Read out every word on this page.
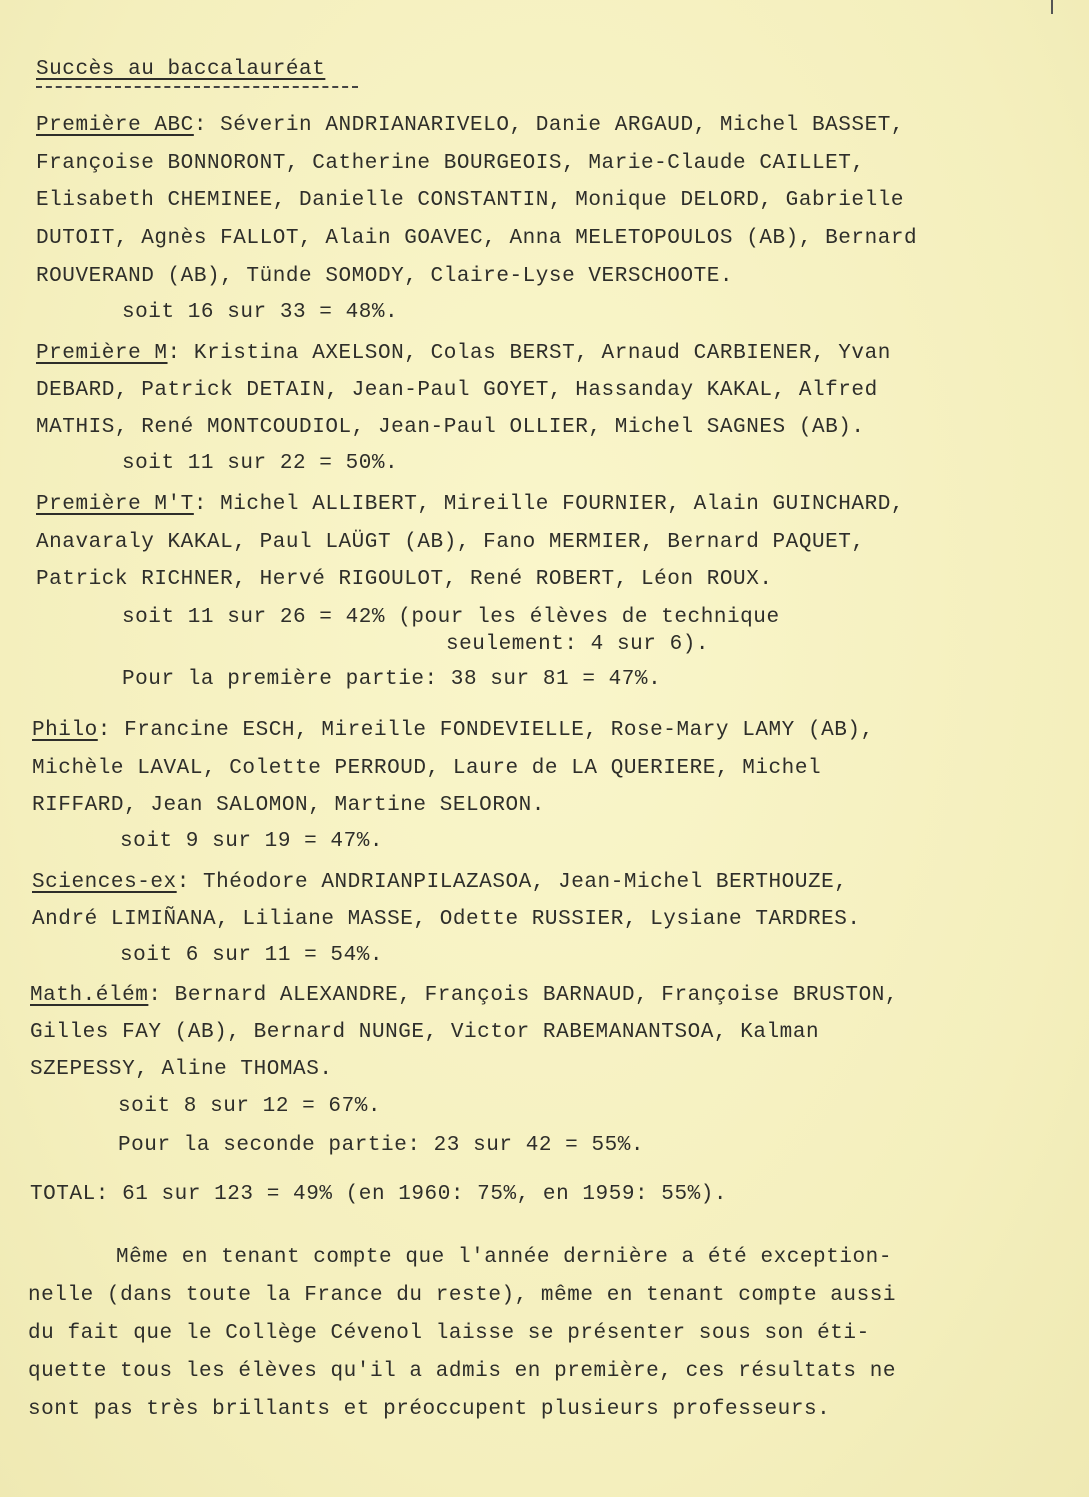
Succès au baccalauréat
Première ABC: Séverin ANDRIANARIVELO, Danie ARGAUD, Michel BASSET,
Françoise BONNORONT, Catherine BOURGEOIS, Marie-Claude CAILLET,
Elisabeth CHEMINEE, Danielle CONSTANTIN, Monique DELORD, Gabrielle
DUTOIT, Agnès FALLOT, Alain GOAVEC, Anna MELETOPOULOS (AB), Bernard
ROUVERAND (AB), Tünde SOMODY, Claire-Lyse VERSCHOOTE.
soit 16 sur 33 = 48%.
Première M: Kristina AXELSON, Colas BERST, Arnaud CARBIENER, Yvan
DEBARD, Patrick DETAIN, Jean-Paul GOYET, Hassanday KAKAL, Alfred
MATHIS, René MONTCOUDIOL, Jean-Paul OLLIER, Michel SAGNES (AB).
soit 11 sur 22 = 50%.
Première M'T: Michel ALLIBERT, Mireille FOURNIER, Alain GUINCHARD,
Anavaraly KAKAL, Paul LAÜGT (AB), Fano MERMIER, Bernard PAQUET,
Patrick RICHNER, Hervé RIGOULOT, René ROBERT, Léon ROUX.
soit 11 sur 26 = 42% (pour les élèves de technique
seulement: 4 sur 6).
Pour la première partie: 38 sur 81 = 47%.
Philo: Francine ESCH, Mireille FONDEVIELLE, Rose-Mary LAMY (AB),
Michèle LAVAL, Colette PERROUD, Laure de LA QUERIERE, Michel
RIFFARD, Jean SALOMON, Martine SELORON.
soit 9 sur 19 = 47%.
Sciences-ex: Théodore ANDRIANPILAZASOA, Jean-Michel BERTHOUZE,
André LIMIÑANA, Liliane MASSE, Odette RUSSIER, Lysiane TARDRES.
soit 6 sur 11 = 54%.
Math.élém: Bernard ALEXANDRE, François BARNAUD, Françoise BRUSTON,
Gilles FAY (AB), Bernard NUNGE, Victor RABEMANANTSOA, Kalman
SZEPESSY, Aline THOMAS.
soit 8 sur 12 = 67%.
Pour la seconde partie: 23 sur 42 = 55%.
TOTAL: 61 sur 123 = 49% (en 1960: 75%, en 1959: 55%).
Même en tenant compte que l'année dernière a été exception-
nelle (dans toute la France du reste), même en tenant compte aussi
du fait que le Collège Cévenol laisse se présenter sous son éti-
quette tous les élèves qu'il a admis en première, ces résultats ne
sont pas très brillants et préoccupent plusieurs professeurs.
